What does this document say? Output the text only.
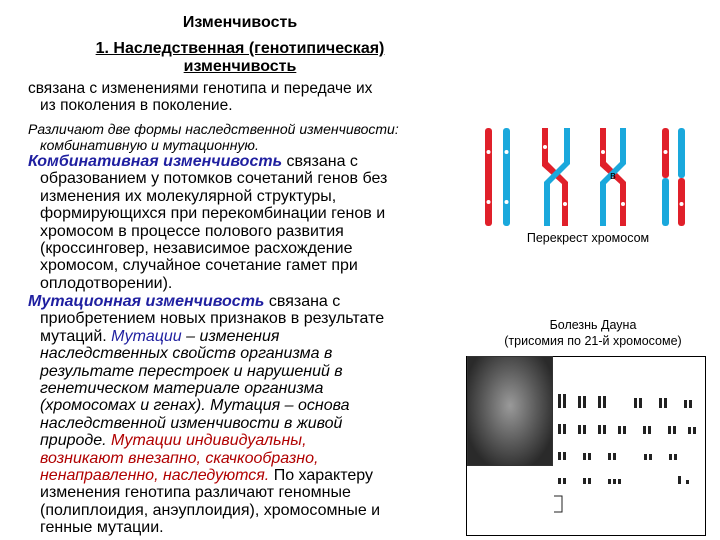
Изменчивость
1. Наследственная (генотипическая)
изменчивость
связана с изменениями генотипа и передаче их
из поколения в поколение.
Различают две формы наследственной изменчивости:
комбинативную и мутационную.
Комбинативная изменчивость связана с
образованием у потомков сочетаний генов без
изменения их молекулярной структуры,
формирующихся при перекомбинации генов и
хромосом в процессе полового развития
(кроссинговер, независимое расхождение
хромосом, случайное сочетание гамет при
оплодотворении).
Мутационная изменчивость связана с
приобретением новых признаков в результате
мутаций. Мутации – изменения
наследственных свойств организма в
результате перестроек и нарушений в
генетическом материале организма
(хромосомах и генах). Мутация – основа
наследственной изменчивости в живой
природе. Мутации индивидуальны,
возникают внезапно, скачкообразно,
ненаправленно, наследуются. По характеру
изменения генотипа различают геномные
(полиплоидия, анэуплоидия), хромосомные и
генные мутации.
в
Перекрест хромосом
Болезнь Дауна
(трисомия по 21-й хромосоме)
